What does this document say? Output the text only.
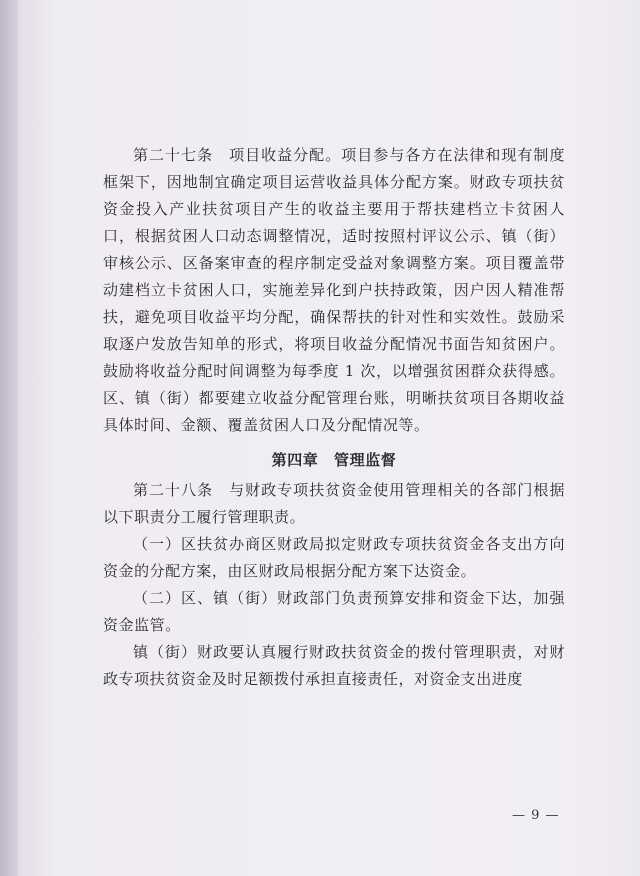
第二十七条　项目收益分配。项目参与各方在法律和现有制度框架下，因地制宜确定项目运营收益具体分配方案。财政专项扶贫资金投入产业扶贫项目产生的收益主要用于帮扶建档立卡贫困人口，根据贫困人口动态调整情况，适时按照村评议公示、镇（街）审核公示、区备案审查的程序制定受益对象调整方案。项目覆盖带动建档立卡贫困人口，实施差异化到户扶持政策，因户因人精准帮扶，避免项目收益平均分配，确保帮扶的针对性和实效性。鼓励采取逐户发放告知单的形式，将项目收益分配情况书面告知贫困户。鼓励将收益分配时间调整为每季度 1 次，以增强贫困群众获得感。区、镇（街）都要建立收益分配管理台账，明晰扶贫项目各期收益具体时间、金额、覆盖贫困人口及分配情况等。

第四章　管理监督

第二十八条　与财政专项扶贫资金使用管理相关的各部门根据以下职责分工履行管理职责。

（一）区扶贫办商区财政局拟定财政专项扶贫资金各支出方向资金的分配方案，由区财政局根据分配方案下达资金。

（二）区、镇（街）财政部门负责预算安排和资金下达，加强资金监管。

镇（街）财政要认真履行财政扶贫资金的拨付管理职责，对财政专项扶贫资金及时足额拨付承担直接责任，对资金支出进度

— 9 —
